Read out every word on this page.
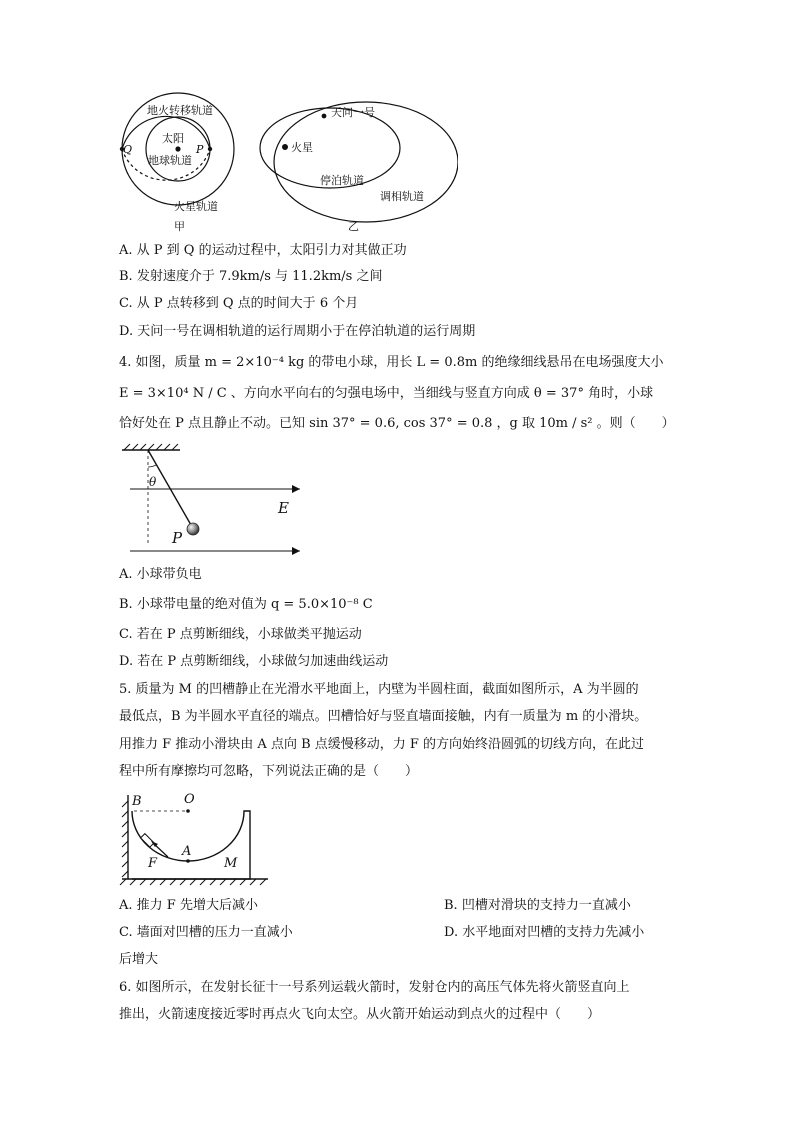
地火转移轨道
太阳
地球轨道
火星轨道
Q	P
甲
天问一号
火星
停泊轨道
调相轨道
乙
A. 从 P 到 Q 的运动过程中，太阳引力对其做正功
B. 发射速度介于 7.9km/s 与 11.2km/s 之间
C. 从 P 点转移到 Q 点的时间大于 6 个月
D. 天问一号在调相轨道的运行周期小于在停泊轨道的运行周期
4. 如图，质量 m = 2×10⁻⁴ kg 的带电小球，用长 L = 0.8m 的绝缘细线悬吊在电场强度大小
E = 3×10⁴ N / C 、方向水平向右的匀强电场中，当细线与竖直方向成 θ = 37° 角时，小球
恰好处在 P 点且静止不动。已知 sin 37° = 0.6, cos 37° = 0.8 ，g 取 10m / s² 。则（　　）
θ
E
P
A. 小球带负电
B. 小球带电量的绝对值为 q = 5.0×10⁻⁸ C
C. 若在 P 点剪断细线，小球做类平抛运动
D. 若在 P 点剪断细线，小球做匀加速曲线运动
5. 质量为 M 的凹槽静止在光滑水平地面上，内壁为半圆柱面，截面如图所示，A 为半圆的
最低点，B 为半圆水平直径的端点。凹槽恰好与竖直墙面接触，内有一质量为 m 的小滑块。
用推力 F 推动小滑块由 A 点向 B 点缓慢移动，力 F 的方向始终沿圆弧的切线方向，在此过
程中所有摩擦均可忽略，下列说法正确的是（　　）
B	O
A
F	M
A. 推力 F 先增大后减小	B. 凹槽对滑块的支持力一直减小
C. 墙面对凹槽的压力一直减小	D. 水平地面对凹槽的支持力先减小
后增大
6. 如图所示，在发射长征十一号系列运载火箭时，发射仓内的高压气体先将火箭竖直向上
推出，火箭速度接近零时再点火飞向太空。从火箭开始运动到点火的过程中（　　）
